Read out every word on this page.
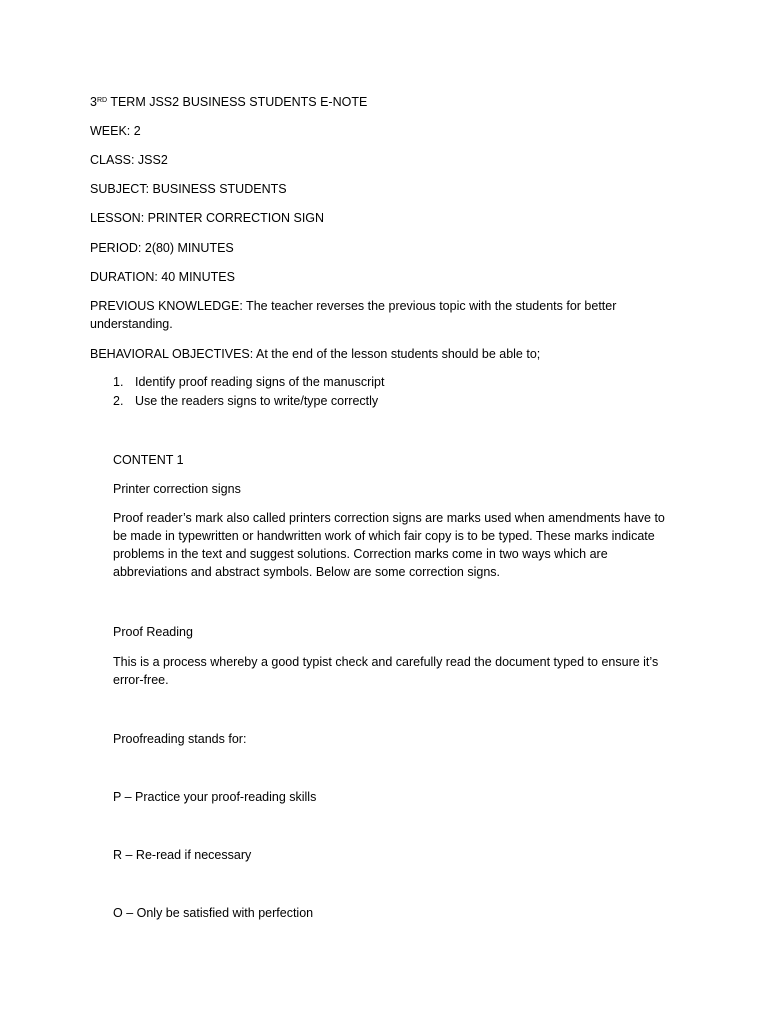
3RD TERM JSS2 BUSINESS STUDENTS E-NOTE
WEEK: 2
CLASS: JSS2
SUBJECT: BUSINESS STUDENTS
LESSON: PRINTER CORRECTION SIGN
PERIOD: 2(80) MINUTES
DURATION: 40 MINUTES
PREVIOUS KNOWLEDGE: The teacher reverses the previous topic with the students for better understanding.
BEHAVIORAL OBJECTIVES: At the end of the lesson students should be able to;
1. Identify proof reading signs of the manuscript
2. Use the readers signs to write/type correctly
CONTENT 1
Printer correction signs
Proof reader’s mark also called printers correction signs are marks used when amendments have to be made in typewritten or handwritten work of which fair copy is to be typed. These marks indicate problems in the text and suggest solutions. Correction marks come in two ways which are abbreviations and abstract symbols. Below are some correction signs.
Proof Reading
This is a process whereby a good typist check and carefully read the document typed to ensure it’s error-free.
Proofreading stands for:
P – Practice your proof-reading skills
R – Re-read if necessary
O – Only be satisfied with perfection
